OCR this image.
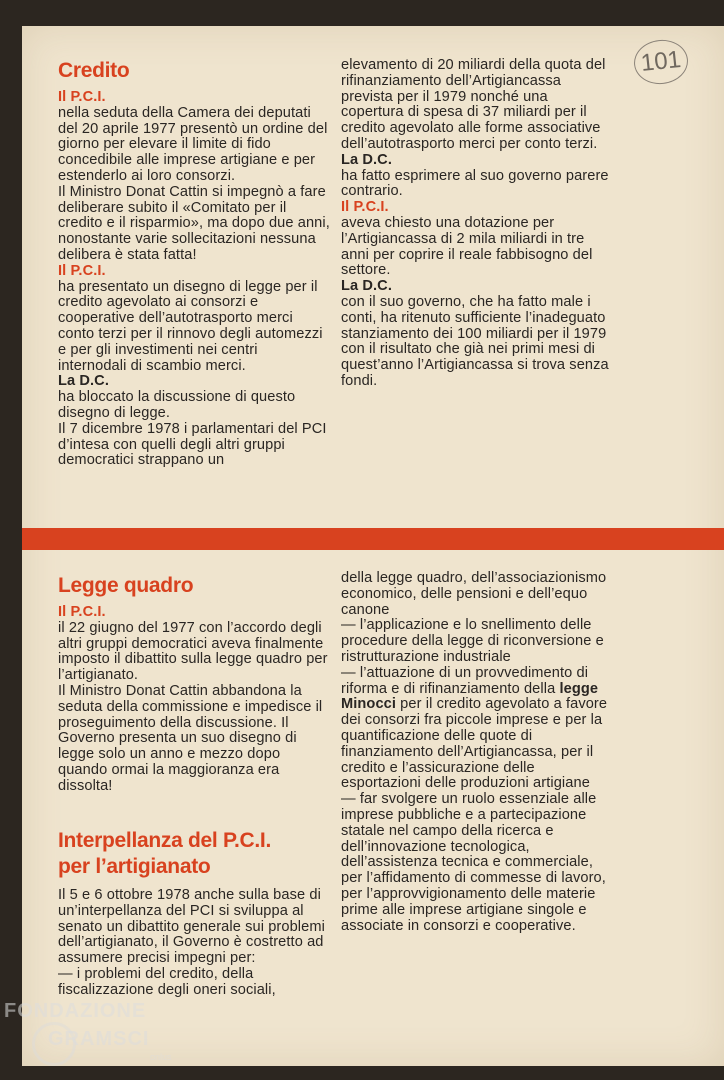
101
Credito

Il P.C.I.

nella seduta della Camera dei deputati del 20 aprile 1977 presentò un ordine del giorno per elevare il limite di fido concedibile alle imprese artigiane e per estenderlo ai loro consorzi.

Il Ministro Donat Cattin si impegnò a fare deliberare subito il «Comitato per il credito e il risparmio», ma dopo due anni, nonostante varie sollecitazioni nessuna delibera è stata fatta!

Il P.C.I.

ha presentato un disegno di legge per il credito agevolato ai consorzi e cooperative dell’autotrasporto merci conto terzi per il rinnovo degli automezzi e per gli investimenti nei centri internodali di scambio merci.

La D.C.

ha bloccato la discussione di questo disegno di legge.

Il 7 dicembre 1978 i parlamentari del PCI d’intesa con quelli degli altri gruppi democratici strappano un

elevamento di 20 miliardi della quota del rifinanziamento dell’Artigiancassa prevista per il 1979 nonché una copertura di spesa di 37 miliardi per il credito agevolato alle forme associative dell’autotrasporto merci per conto terzi.

La D.C.

ha fatto esprimere al suo governo parere contrario.

Il P.C.I.

aveva chiesto una dotazione per l’Artigiancassa di 2 mila miliardi in tre anni per coprire il reale fabbisogno del settore.

La D.C.

con il suo governo, che ha fatto male i conti, ha ritenuto sufficiente l’inadeguato stanziamento dei 100 miliardi per il 1979 con il risultato che già nei primi mesi di quest’anno l’Artigiancassa si trova senza fondi.

Legge quadro

Il P.C.I.

il 22 giugno del 1977 con l’accordo degli altri gruppi democratici aveva finalmente imposto il dibattito sulla legge quadro per l’artigianato.

Il Ministro Donat Cattin abbandona la seduta della commissione e impedisce il proseguimento della discussione. Il Governo presenta un suo disegno di legge solo un anno e mezzo dopo quando ormai la maggioranza era dissolta!

Interpellanza del P.C.I.
per l’artigianato

Il 5 e 6 ottobre 1978 anche sulla base di un’interpellanza del PCI si sviluppa al senato un dibattito generale sui problemi dell’artigianato, il Governo è costretto ad assumere precisi impegni per:

— i problemi del credito, della fiscalizzazione degli oneri sociali,

della legge quadro, dell’associazionismo economico, delle pensioni e dell’equo canone

— l’applicazione e lo snellimento delle procedure della legge di riconversione e ristrutturazione industriale

— l’attuazione di un provvedimento di riforma e di rifinanziamento della legge Minocci per il credito agevolato a favore dei consorzi fra piccole imprese e per la quantificazione delle quote di finanziamento dell’Artigiancassa, per il credito e l’assicurazione delle esportazioni delle produzioni artigiane

— far svolgere un ruolo essenziale alle imprese pubbliche e a partecipazione statale nel campo della ricerca e dell’innovazione tecnologica, dell’assistenza tecnica e commerciale, per l’affidamento di commesse di lavoro, per l’approvvigionamento delle materie prime alle imprese artigiane singole e associate in consorzi e cooperative.

FONDAZIONE
GRAMSCI
onlus
